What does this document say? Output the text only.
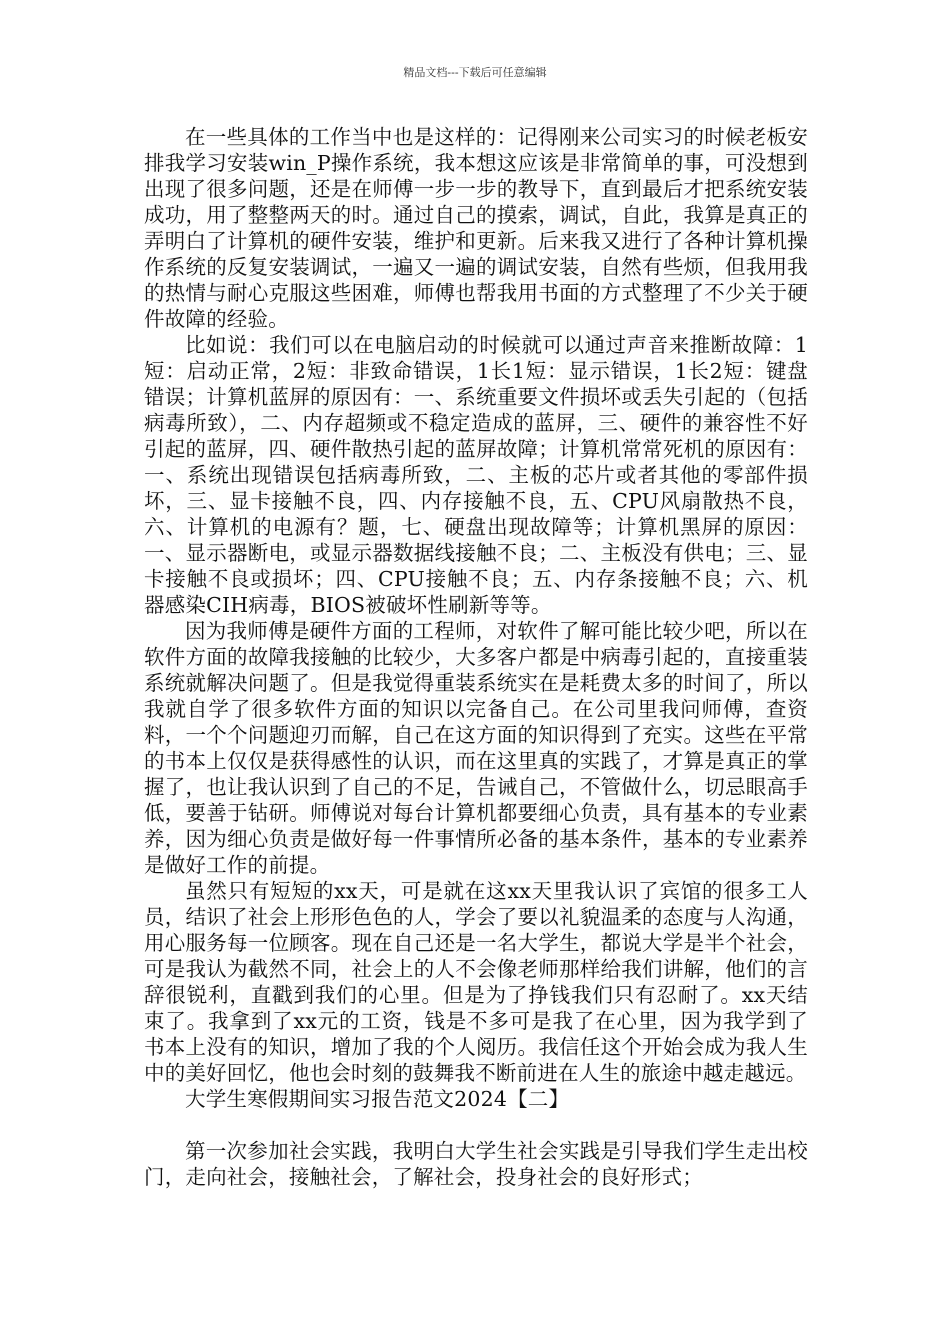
精品文档---下载后可任意编辑

在一些具体的工作当中也是这样的：记得刚来公司实习的时候老板安排我学习安装win_P操作系统，我本想这应该是非常简单的事，可没想到出现了很多问题，还是在师傅一步一步的教导下，直到最后才把系统安装成功，用了整整两天的时。通过自己的摸索，调试，自此，我算是真正的弄明白了计算机的硬件安装，维护和更新。后来我又进行了各种计算机操作系统的反复安装调试，一遍又一遍的调试安装，自然有些烦，但我用我的热情与耐心克服这些困难，师傅也帮我用书面的方式整理了不少关于硬件故障的经验。

比如说：我们可以在电脑启动的时候就可以通过声音来推断故障：1短：启动正常，2短：非致命错误，1长1短：显示错误，1长2短：键盘错误；计算机蓝屏的原因有：一、系统重要文件损坏或丢失引起的（包括病毒所致），二、内存超频或不稳定造成的蓝屏，三、硬件的兼容性不好引起的蓝屏，四、硬件散热引起的蓝屏故障；计算机常常死机的原因有：一、系统出现错误包括病毒所致，二、主板的芯片或者其他的零部件损坏，三、显卡接触不良，四、内存接触不良，五、CPU风扇散热不良，六、计算机的电源有？题，七、硬盘出现故障等；计算机黑屏的原因：一、显示器断电，或显示器数据线接触不良；二、主板没有供电；三、显卡接触不良或损坏；四、CPU接触不良；五、内存条接触不良；六、机器感染CIH病毒，BIOS被破坏性刷新等等。

因为我师傅是硬件方面的工程师，对软件了解可能比较少吧，所以在软件方面的故障我接触的比较少，大多客户都是中病毒引起的，直接重装系统就解决问题了。但是我觉得重装系统实在是耗费太多的时间了，所以我就自学了很多软件方面的知识以完备自己。在公司里我问师傅，查资料，一个个问题迎刃而解，自己在这方面的知识得到了充实。这些在平常的书本上仅仅是获得感性的认识，而在这里真的实践了，才算是真正的掌握了，也让我认识到了自己的不足，告诫自己，不管做什么，切忌眼高手低，要善于钻研。师傅说对每台计算机都要细心负责，具有基本的专业素养，因为细心负责是做好每一件事情所必备的基本条件，基本的专业素养是做好工作的前提。

虽然只有短短的xx天，可是就在这xx天里我认识了宾馆的很多工人员，结识了社会上形形色色的人，学会了要以礼貌温柔的态度与人沟通，用心服务每一位顾客。现在自己还是一名大学生，都说大学是半个社会，可是我认为截然不同，社会上的人不会像老师那样给我们讲解，他们的言辞很锐利，直戳到我们的心里。但是为了挣钱我们只有忍耐了。xx天结束了。我拿到了xx元的工资，钱是不多可是我了在心里，因为我学到了书本上没有的知识，增加了我的个人阅历。我信任这个开始会成为我人生中的美好回忆，他也会时刻的鼓舞我不断前进在人生的旅途中越走越远。

大学生寒假期间实习报告范文2024【二】

第一次参加社会实践，我明白大学生社会实践是引导我们学生走出校门，走向社会，接触社会，了解社会，投身社会的良好形式；
